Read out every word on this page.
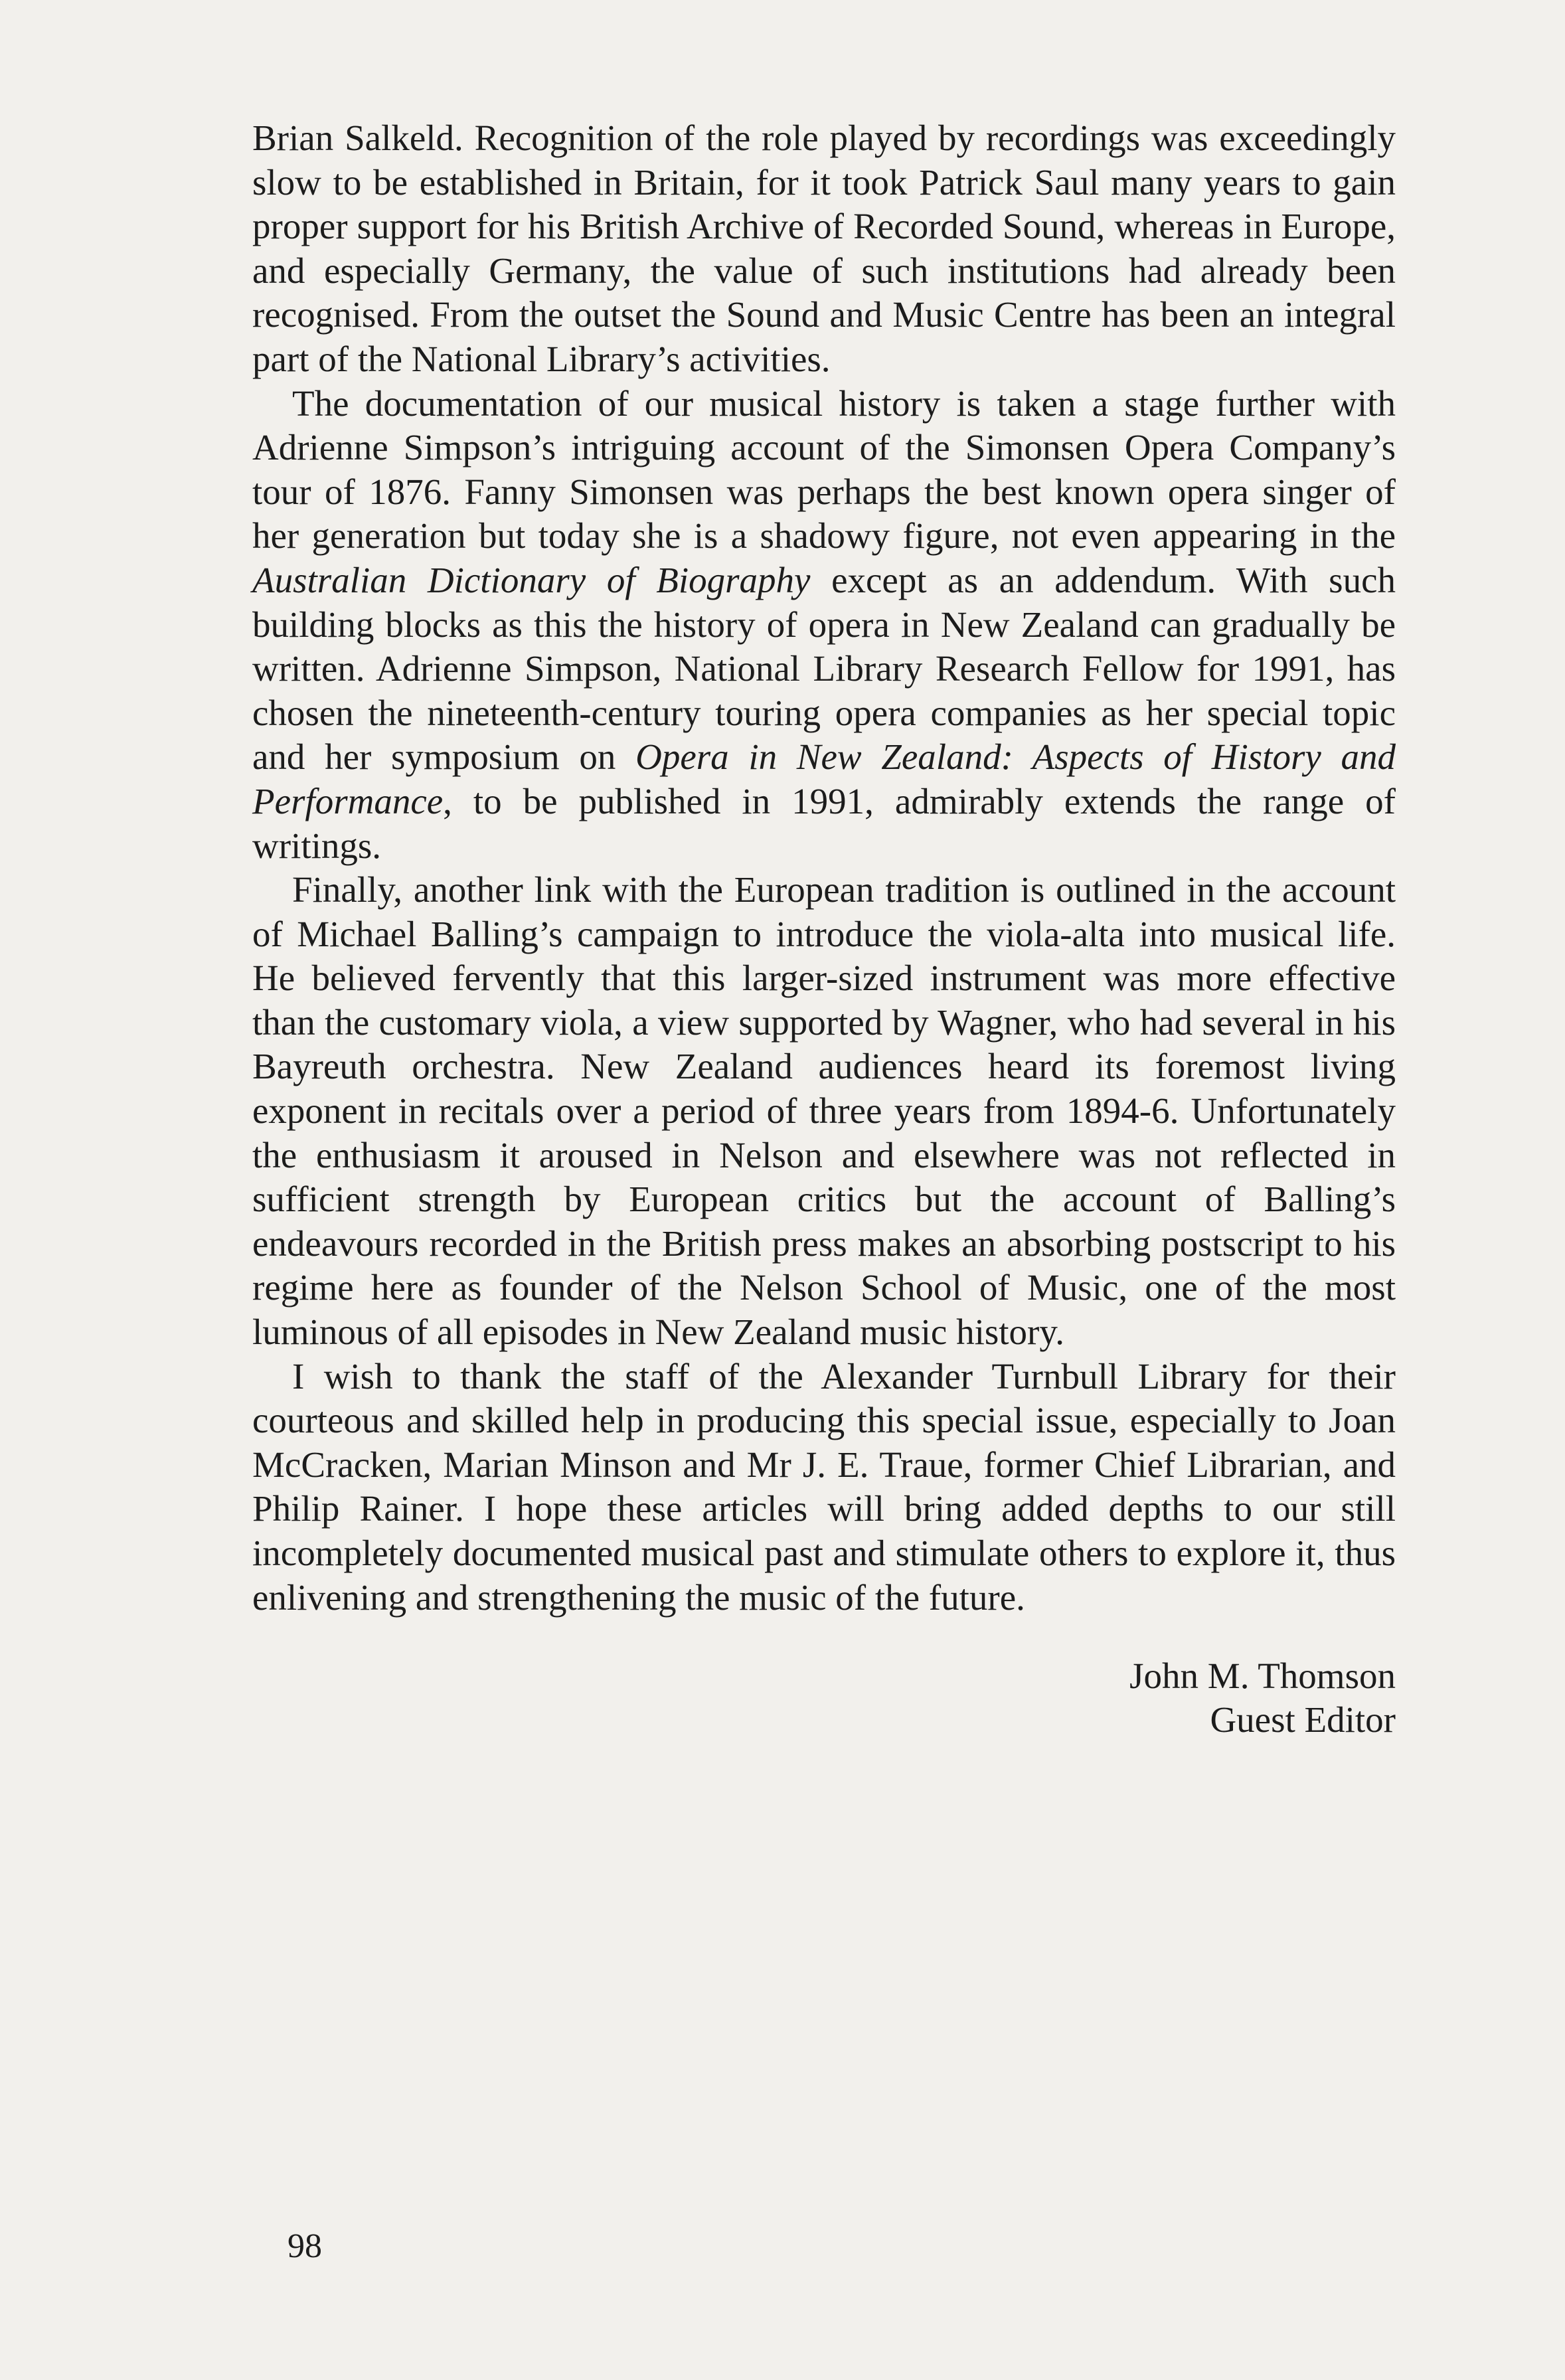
Brian Salkeld. Recognition of the role played by recordings was exceedingly slow to be established in Britain, for it took Patrick Saul many years to gain proper support for his British Archive of Recorded Sound, whereas in Europe, and especially Germany, the value of such institutions had already been recognised. From the outset the Sound and Music Centre has been an integral part of the National Library’s activities.

The documentation of our musical history is taken a stage further with Adrienne Simpson’s intriguing account of the Simonsen Opera Company’s tour of 1876. Fanny Simonsen was perhaps the best known opera singer of her generation but today she is a shadowy figure, not even appearing in the Australian Dictionary of Biography except as an addendum. With such building blocks as this the history of opera in New Zealand can gradually be written. Adrienne Simpson, National Library Research Fellow for 1991, has chosen the nineteenth-century touring opera companies as her special topic and her symposium on Opera in New Zealand: Aspects of History and Performance, to be published in 1991, admirably extends the range of writings.

Finally, another link with the European tradition is outlined in the account of Michael Balling’s campaign to introduce the viola-alta into musical life. He believed fervently that this larger-sized instrument was more effective than the customary viola, a view supported by Wagner, who had several in his Bayreuth orchestra. New Zealand audiences heard its foremost living exponent in recitals over a period of three years from 1894-6. Unfortunately the enthusiasm it aroused in Nelson and elsewhere was not reflected in sufficient strength by European critics but the account of Balling’s endeavours recorded in the British press makes an absorbing postscript to his regime here as founder of the Nelson School of Music, one of the most luminous of all episodes in New Zealand music history.

I wish to thank the staff of the Alexander Turnbull Library for their courteous and skilled help in producing this special issue, especially to Joan McCracken, Marian Minson and Mr J. E. Traue, former Chief Librarian, and Philip Rainer. I hope these articles will bring added depths to our still incompletely documented musical past and stimulate others to explore it, thus enlivening and strengthening the music of the future.

John M. Thomson
Guest Editor
98
